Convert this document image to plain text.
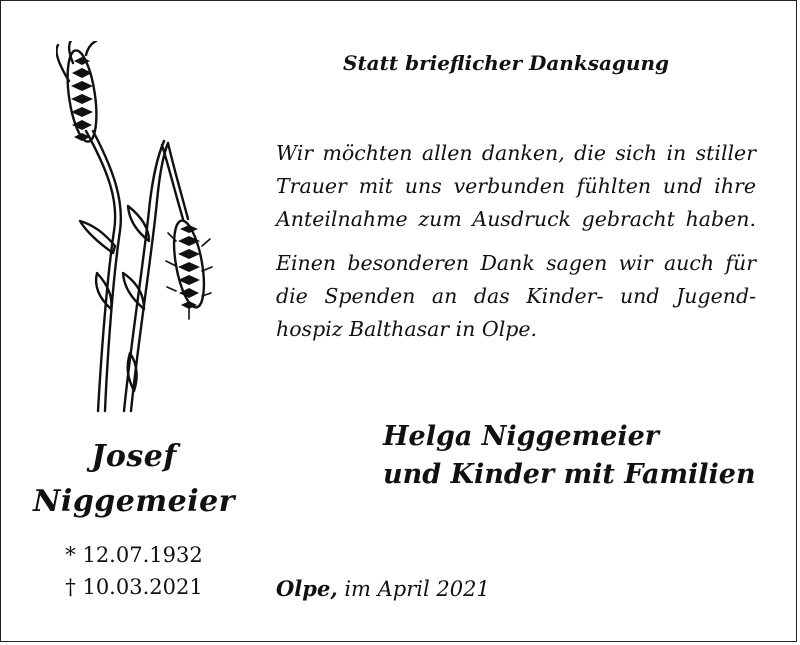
Statt brieflicher Danksagung
Wir möchten allen danken, die sich in stiller
Trauer mit uns verbunden fühlten und ihre
Anteilnahme zum Ausdruck gebracht haben.
Einen besonderen Dank sagen wir auch für
die Spenden an das Kinder- und Jugend-
hospiz Balthasar in Olpe.
Helga Niggemeier
und Kinder mit Familien
Josef
Niggemeier
* 12.07.1932
† 10.03.2021	Olpe, im April 2021
